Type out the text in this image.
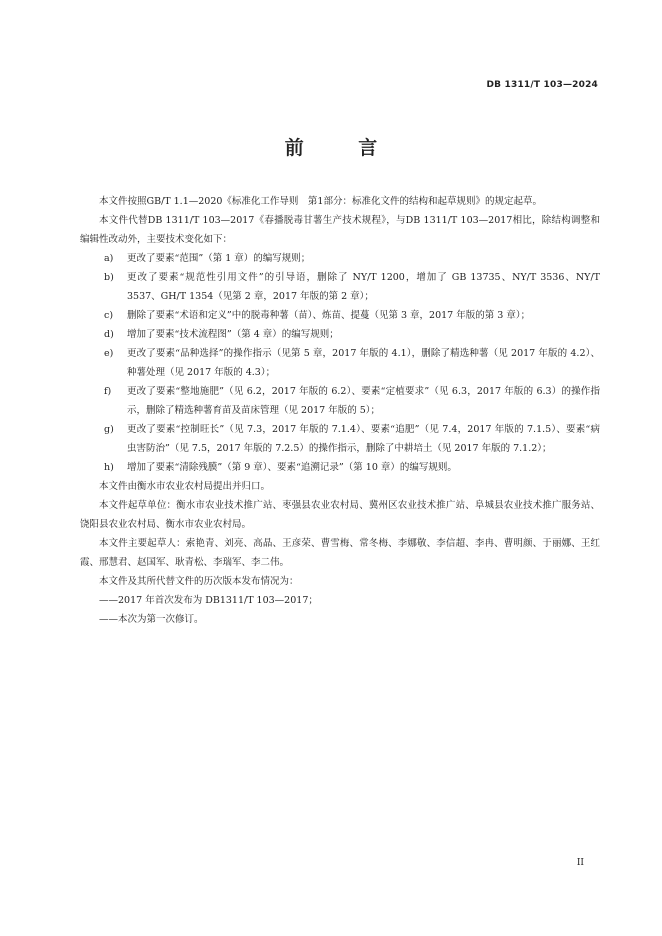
DB 1311/T 103—2024
前 言

本文件按照GB/T 1.1—2020《标准化工作导则　第1部分：标准化文件的结构和起草规则》的规定起草。

本文件代替DB 1311/T 103—2017《春播脱毒甘薯生产技术规程》，与DB 1311/T 103—2017相比，除结构调整和编辑性改动外，主要技术变化如下：

a)	更改了要素“范围”（第 1 章）的编写规则；
b)	更改了要素“规范性引用文件”的引导语，删除了 NY/T 1200，增加了 GB 13735、NY/T 3536、NY/T 3537、GH/T 1354（见第 2 章，2017 年版的第 2 章）；
c)	删除了要素“术语和定义”中的脱毒种薯（苗）、炼苗、提蔓（见第 3 章，2017 年版的第 3 章）；
d)	增加了要素“技术流程图”（第 4 章）的编写规则；
e)	更改了要素“品种选择”的操作指示（见第 5 章，2017 年版的 4.1），删除了精选种薯（见 2017 年版的 4.2）、种薯处理（见 2017 年版的 4.3）；
f)	更改了要素“整地施肥”（见 6.2，2017 年版的 6.2）、要素“定植要求”（见 6.3，2017 年版的 6.3）的操作指示，删除了精选种薯育苗及苗床管理（见 2017 年版的 5）；
g)	更改了要素“控制旺长”（见 7.3，2017 年版的 7.1.4）、要素“追肥”（见 7.4，2017 年版的 7.1.5）、要素“病虫害防治”（见 7.5，2017 年版的 7.2.5）的操作指示，删除了中耕培土（见 2017 年版的 7.1.2）；
h)	增加了要素“清除残膜”（第 9 章）、要素“追溯记录”（第 10 章）的编写规则。

本文件由衡水市农业农村局提出并归口。

本文件起草单位：衡水市农业技术推广站、枣强县农业农村局、冀州区农业技术推广站、阜城县农业技术推广服务站、饶阳县农业农村局、衡水市农业农村局。

本文件主要起草人：索艳青、刘亮、高晶、王彦荣、曹雪梅、常冬梅、李娜敬、李信超、李冉、曹明颜、于丽娜、王红霞、邢慧君、赵国军、耿青松、李瑞军、李二伟。

本文件及其所代替文件的历次版本发布情况为：

——2017 年首次发布为 DB1311/T 103—2017；

——本次为第一次修订。

II
